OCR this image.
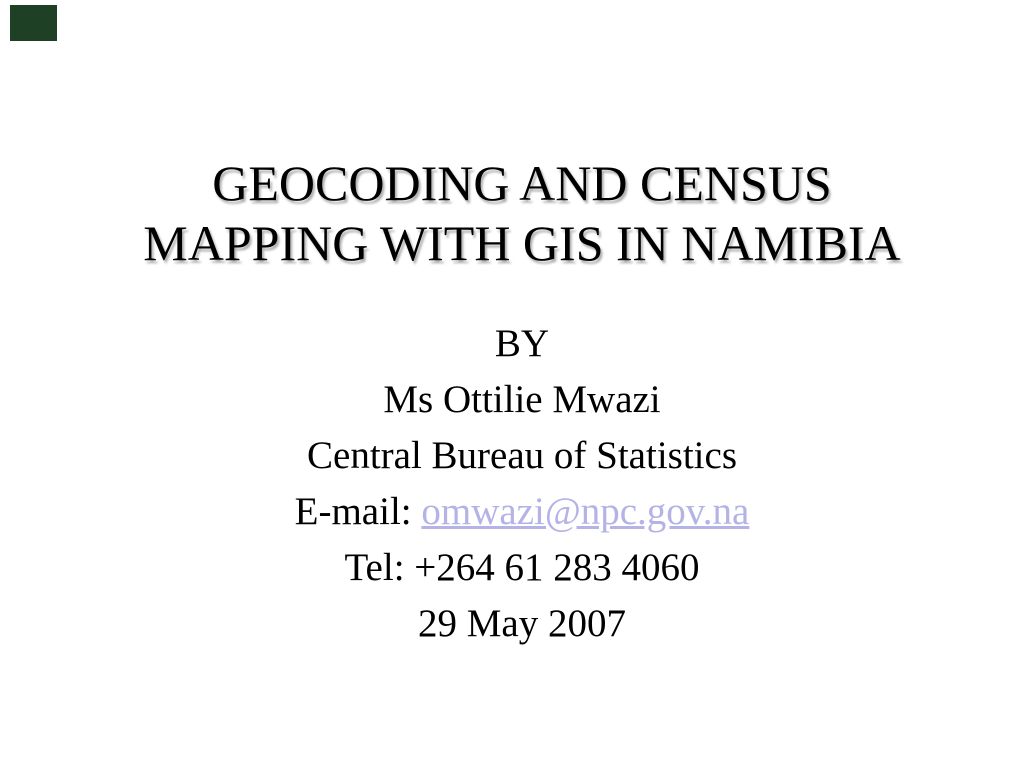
GEOCODING AND CENSUS
MAPPING WITH GIS IN NAMIBIA
BY
Ms Ottilie Mwazi
Central Bureau of Statistics
E-mail: omwazi@npc.gov.na
Tel: +264 61 283 4060
29 May 2007
